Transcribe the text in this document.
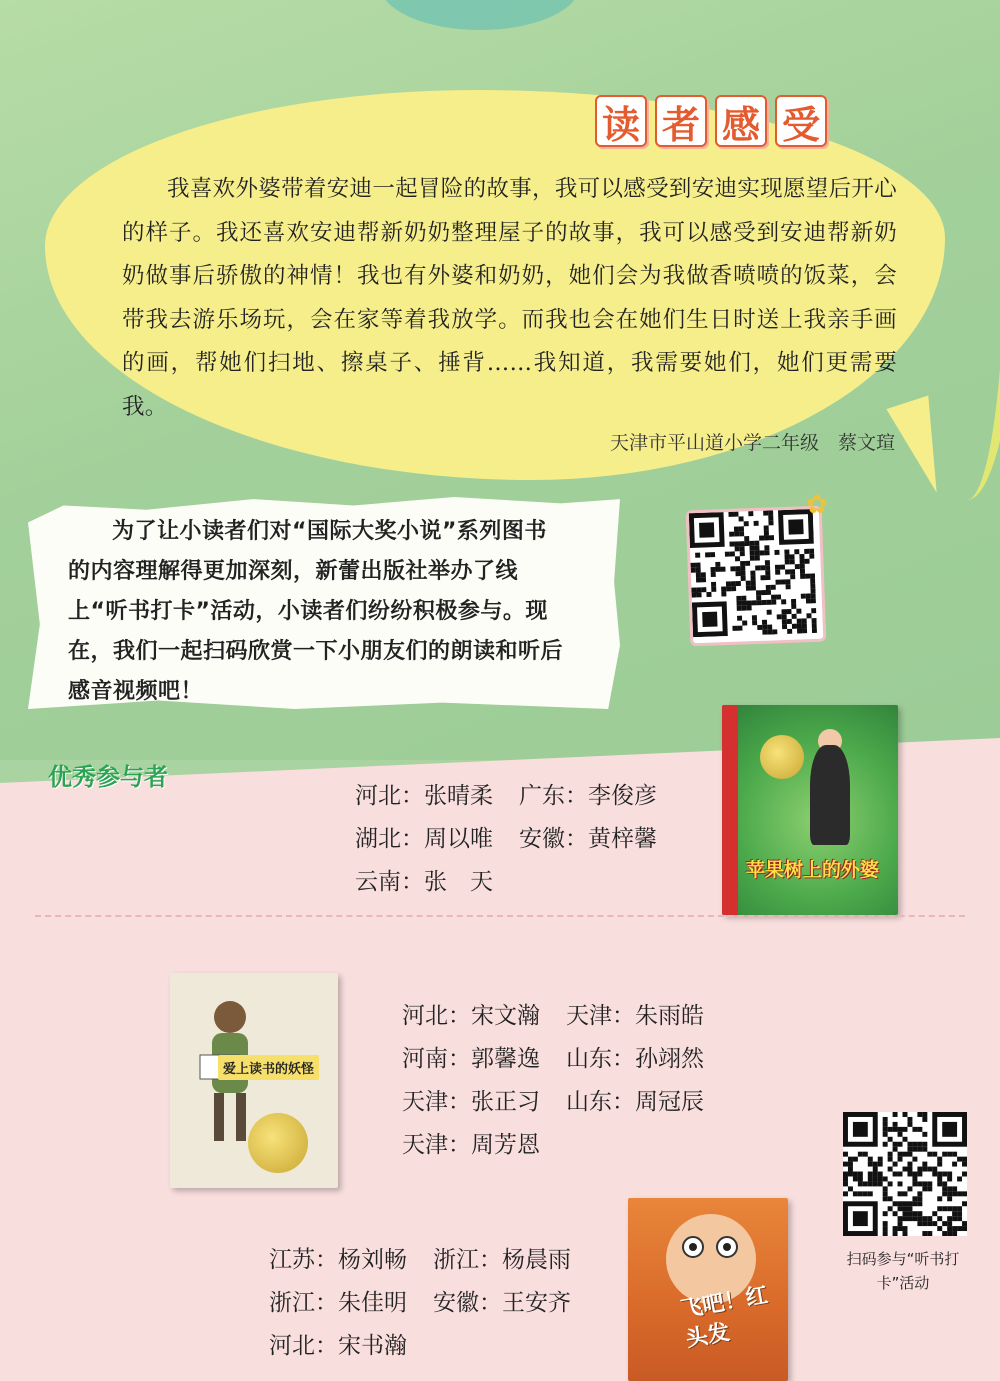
读 者 感 受

我喜欢外婆带着安迪一起冒险的故事，我可以感受到安迪实现愿望后开心的样子。我还喜欢安迪帮新奶奶整理屋子的故事，我可以感受到安迪帮新奶奶做事后骄傲的神情！我也有外婆和奶奶，她们会为我做香喷喷的饭菜，会带我去游乐场玩，会在家等着我放学。而我也会在她们生日时送上我亲手画的画，帮她们扫地、擦桌子、捶背……我知道，我需要她们，她们更需要我。

天津市平山道小学二年级　蔡文瑄

为了让小读者们对“国际大奖小说”系列图书的内容理解得更加深刻，新蕾出版社举办了线上“听书打卡”活动，小读者们纷纷积极参与。现在，我们一起扫码欣赏一下小朋友们的朗读和听后感音视频吧！

✿
优秀参与者
河北：张晴柔	广东：李俊彦
湖北：周以唯	安徽：黄梓馨
云南：张　天	苹果树上的外婆
爱上读书的妖怪
河北：宋文瀚	天津：朱雨皓
河南：郭馨逸	山东：孙翊然
天津：张正习	山东：周冠辰
天津：周芳恩
扫码参与“听书打卡”活动
江苏：杨刘畅	浙江：杨晨雨
浙江：朱佳明	安徽：王安齐
河北：宋书瀚
飞吧！红头发
